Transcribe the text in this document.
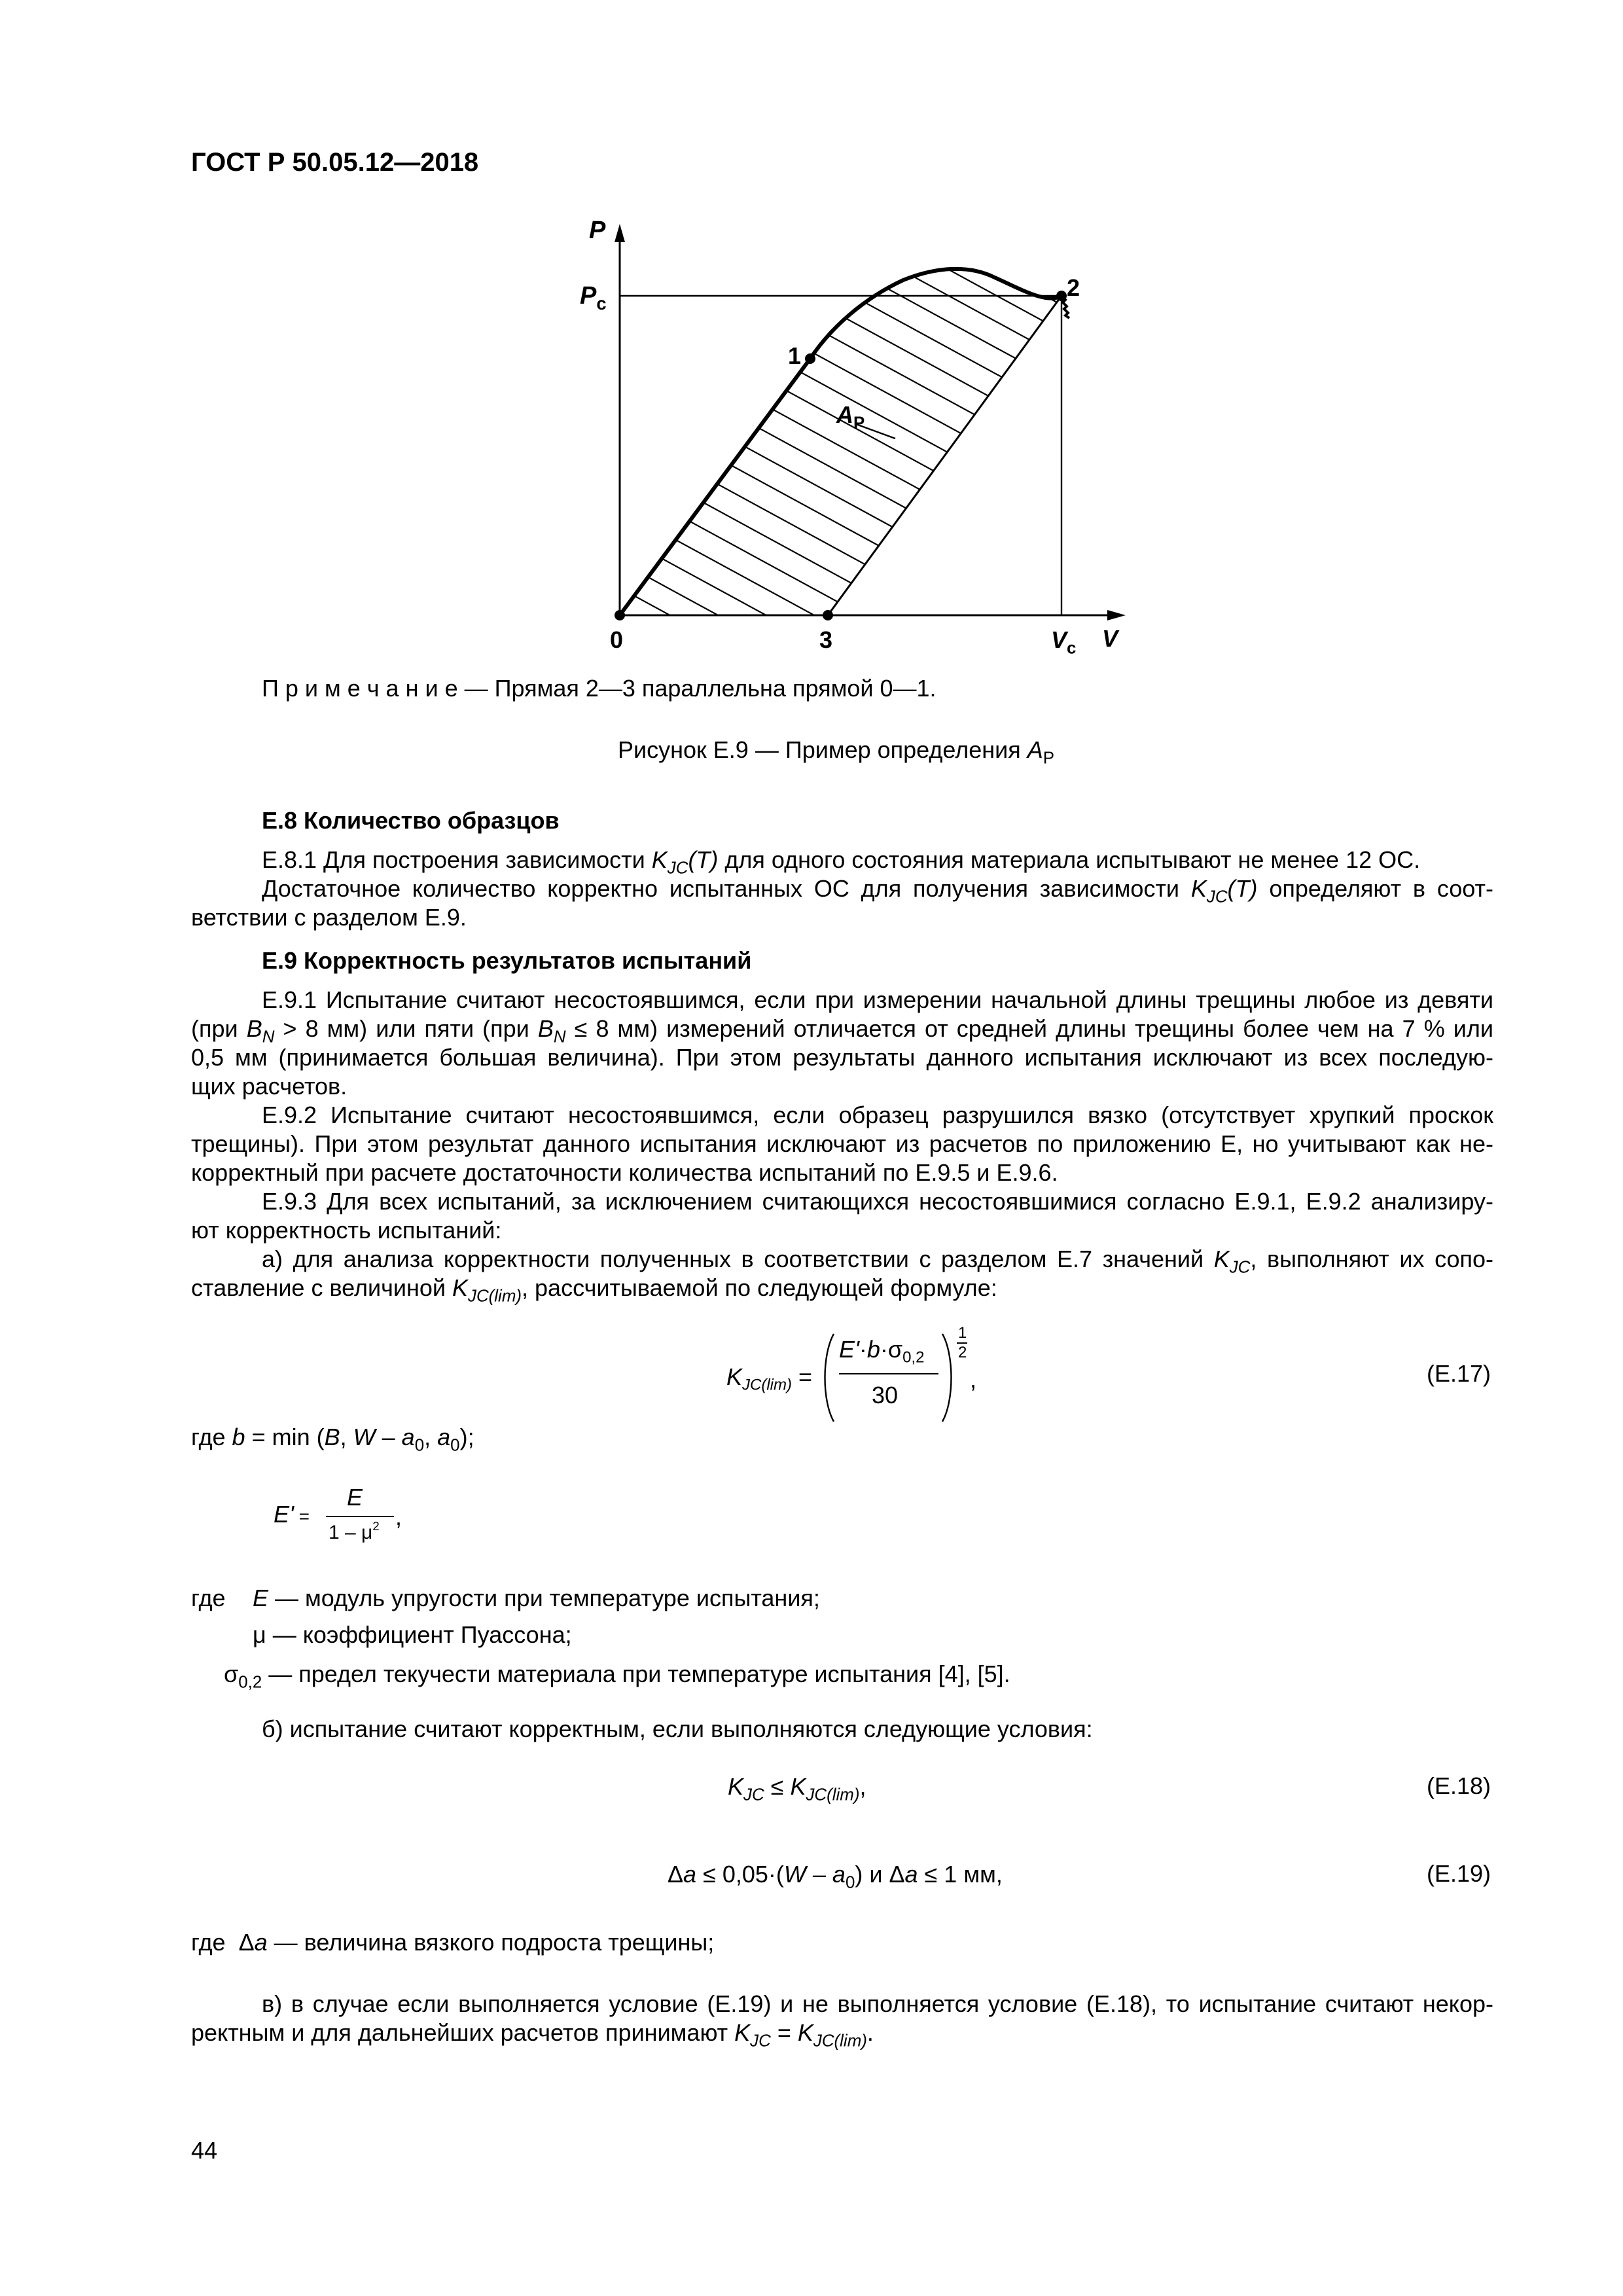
ГОСТ Р 50.05.12—2018
P
$P_c$
1
2
$A_P$
0	3	$V_c$ V
П р и м е ч а н и е — Прямая 2—3 параллельна прямой 0—1.
Рисунок Е.9 — Пример определения $A_P$
Е.8 Количество образцов
Е.8.1 Для построения зависимости $K_{JC}(T)$ для одного состояния материала испытывают не менее 12 ОС.
Достаточное количество корректно испытанных ОС для получения зависимости $K_{JC}(T)$ определяют в соот-
ветствии с разделом Е.9.
Е.9 Корректность результатов испытаний
Е.9.1 Испытание считают несостоявшимся, если при измерении начальной длины трещины любое из девяти
(при $B_N > 8$ мм) или пяти (при $B_N \le 8$ мм) измерений отличается от средней длины трещины более чем на 7 % или
0,5 мм (принимается большая величина). При этом результаты данного испытания исключают из всех последую-
щих расчетов.
Е.9.2 Испытание считают несостоявшимся, если образец разрушился вязко (отсутствует хрупкий проскок
трещины). При этом результат данного испытания исключают из расчетов по приложению Е, но учитывают как не-
корректный при расчете достаточности количества испытаний по Е.9.5 и Е.9.6.
Е.9.3 Для всех испытаний, за исключением считающихся несостоявшимися согласно Е.9.1, Е.9.2 анализиру-
ют корректность испытаний:
а) для анализа корректности полученных в соответствии с разделом Е.7 значений $K_{JC}$, выполняют их сопо-
ставление с величиной $K_{JC(lim)}$, рассчитываемой по следующей формуле:
$K_{JC(lim)}$ =
$E'\cdot b\cdot\sigma_{0,2}$
30
1
2
,	(Е.17)
где b = min (B, W – $a_0$, $a_0$);
E' =
E
$1 - \mu^2$ ,
где E — модуль упругости при температуре испытания;
μ — коэффициент Пуассона;
$\sigma_{0,2}$ — предел текучести материала при температуре испытания [4], [5].
б) испытание считают корректным, если выполняются следующие условия:
$K_{JC} \le K_{JC(lim)}$,	(Е.18)
$\Delta a \le 0,05\cdot(W - a_0)$ и Δa ≤ 1 мм,	(Е.19)
где Δa — величина вязкого подроста трещины;
в) в случае если выполняется условие (Е.19) и не выполняется условие (Е.18), то испытание считают некор-
ректным и для дальнейших расчетов принимают $K_{JC} = K_{JC(lim)}$.
44
